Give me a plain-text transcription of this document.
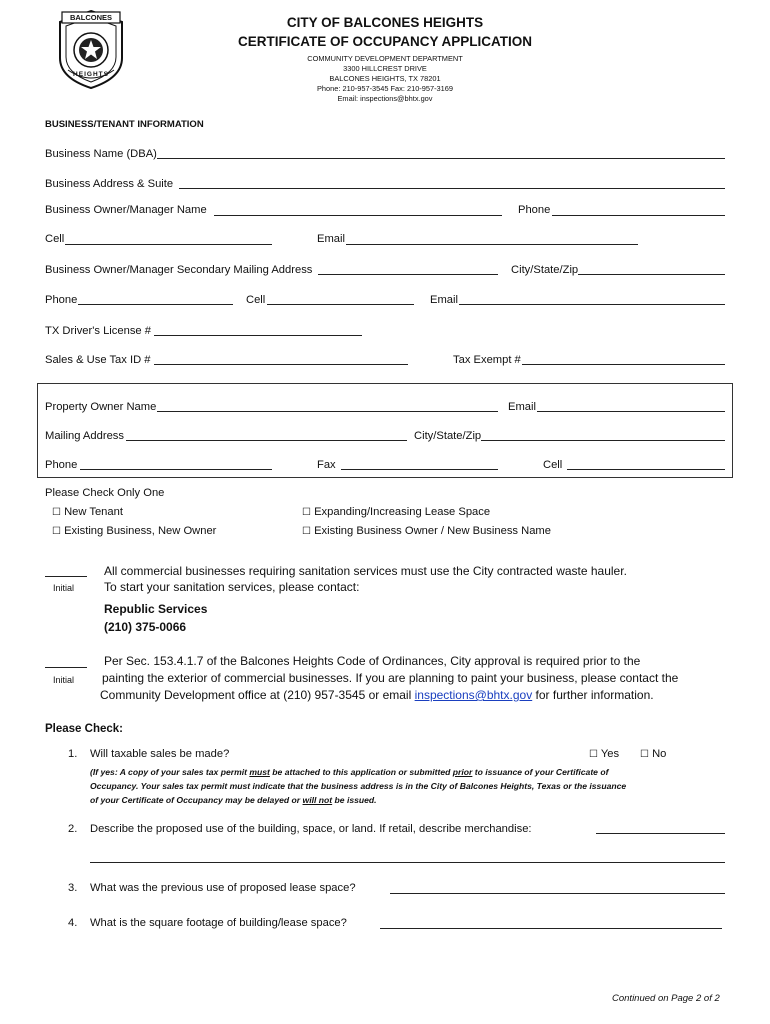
BALCONES
HEIGHTS
CITY OF BALCONES HEIGHTS
CERTIFICATE OF OCCUPANCY APPLICATION
COMMUNITY DEVELOPMENT DEPARTMENT
3300 HILLCREST DRIVE
BALCONES HEIGHTS, TX 78201
Phone: 210-957-3545 Fax: 210-957-3169
Email: inspections@bhtx.gov
BUSINESS/TENANT INFORMATION
Business Name (DBA)
Business Address & Suite
Business Owner/Manager Name	Phone
Cell	Email
Business Owner/Manager Secondary Mailing Address	City/State/Zip
Phone	Cell	Email
TX Driver's License #
Sales & Use Tax ID #	Tax Exempt #
Property Owner Name	Email
Mailing Address	City/State/Zip
Phone	Fax	Cell
Please Check Only One
☐ New Tenant	☐ Expanding/Increasing Lease Space
☐ Existing Business, New Owner	☐ Existing Business Owner / New Business Name
Initial
All commercial businesses requiring sanitation services must use the City contracted waste hauler.
To start your sanitation services, please contact:
Republic Services
(210) 375-0066
Initial
Per Sec. 153.4.1.7 of the Balcones Heights Code of Ordinances, City approval is required prior to the
painting the exterior of commercial businesses. If you are planning to paint your business, please contact the
Community Development office at (210) 957-3545 or email inspections@bhtx.gov for further information.
Please Check:
1. Will taxable sales be made?	☐ Yes ☐ No
(If yes: A copy of your sales tax permit must be attached to this application or submitted prior to issuance of your Certificate of
Occupancy. Your sales tax permit must indicate that the business address is in the City of Balcones Heights, Texas or the issuance
of your Certificate of Occupancy may be delayed or will not be issued.
2. Describe the proposed use of the building, space, or land. If retail, describe merchandise:
3. What was the previous use of proposed lease space?
4. What is the square footage of building/lease space?
Continued on Page 2 of 2
